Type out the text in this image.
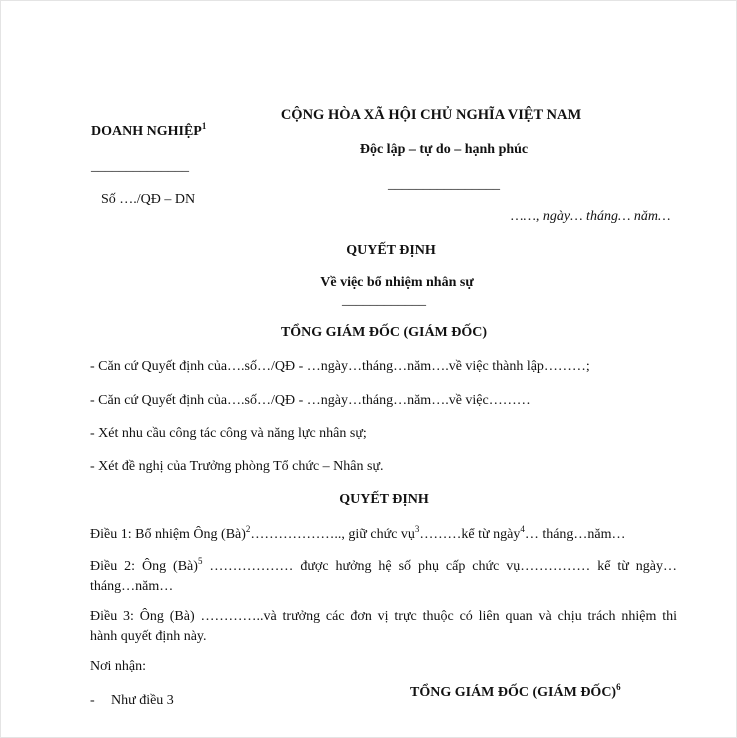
DOANH NGHIỆP$^1$
______________
Số …./QĐ – DN
CỘNG HÒA XÃ HỘI CHỦ NGHĨA VIỆT NAM
Độc lập – tự do – hạnh phúc
________________
……, ngày… tháng… năm…
QUYẾT ĐỊNH
Về việc bổ nhiệm nhân sự
____________
TỔNG GIÁM ĐỐC (GIÁM ĐỐC)
- Căn cứ Quyết định của….số…/QĐ - …ngày…tháng…năm….về việc thành lập………;
- Căn cứ Quyết định của….số…/QĐ - …ngày…tháng…năm….về việc………
- Xét nhu cầu công tác công và năng lực nhân sự;
- Xét đề nghị của Trưởng phòng Tổ chức – Nhân sự.
QUYẾT ĐỊNH
Điều 1: Bổ nhiệm Ông (Bà)$^2$……………….., giữ chức vụ$^3$………kể từ ngày$^4$… tháng…năm…
Điều 2: Ông (Bà)$^5$ ……………… được hưởng hệ số phụ cấp chức vụ…………… kể từ ngày…
tháng…năm…
Điều 3: Ông (Bà) …………..và trưởng các đơn vị trực thuộc có liên quan và chịu trách nhiệm thi
hành quyết định này.
Nơi nhận:
- Như điều 3
TỔNG GIÁM ĐỐC (GIÁM ĐỐC)$^6$
